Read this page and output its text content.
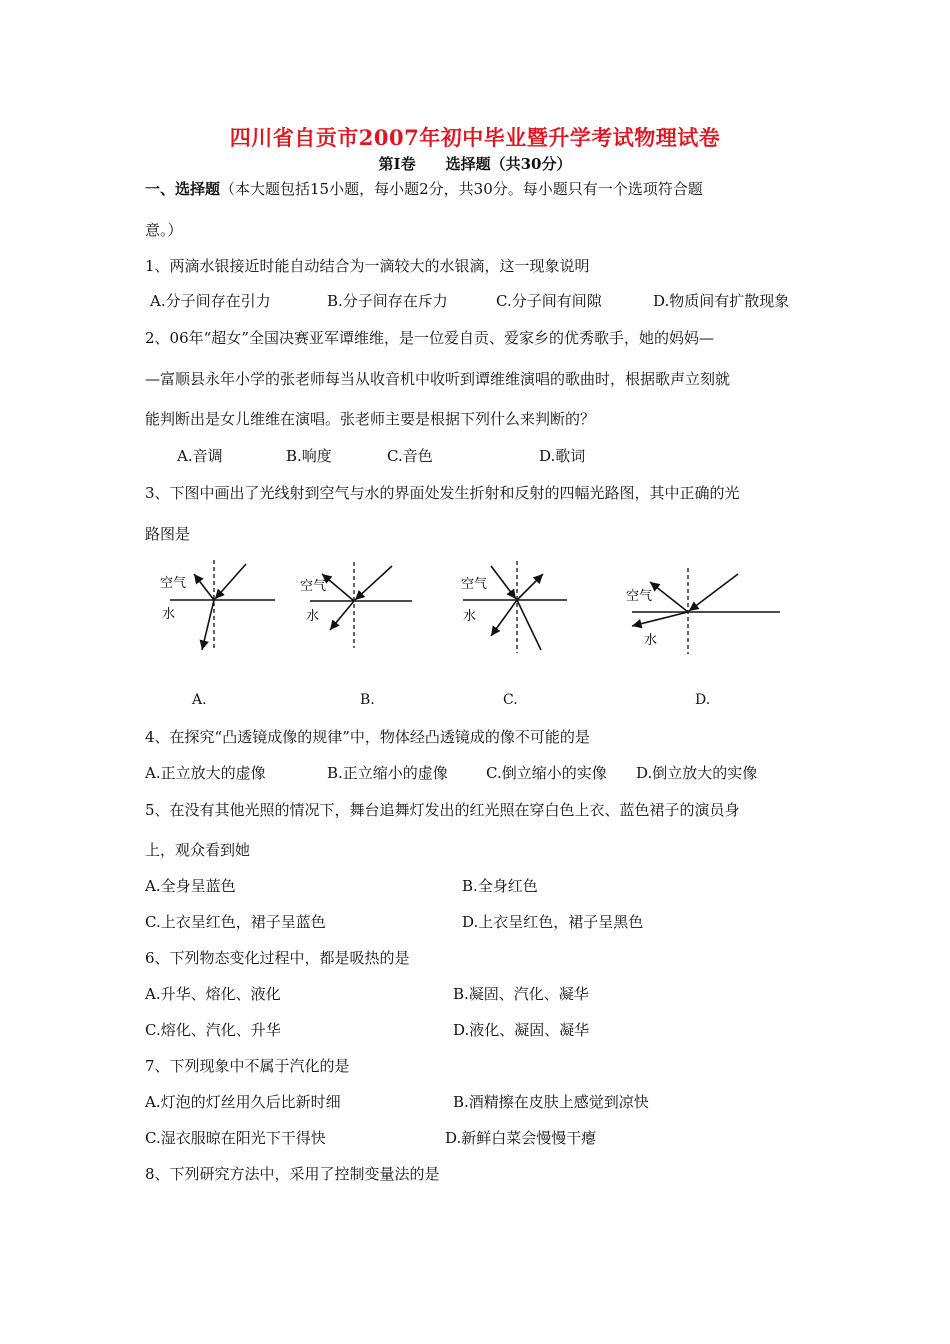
四川省自贡市2007年初中毕业暨升学考试物理试卷
第Ⅰ卷　　选择题（共30分）
一、选择题（本大题包括15小题，每小题2分，共30分。每小题只有一个选项符合题
意。）
1、两滴水银接近时能自动结合为一滴较大的水银滴，这一现象说明
A.分子间存在引力	B.分子间存在斥力	C.分子间有间隙	D.物质间有扩散现象
2、06年“超女”全国决赛亚军谭维维，是一位爱自贡、爱家乡的优秀歌手，她的妈妈—
—富顺县永年小学的张老师每当从收音机中收听到谭维维演唱的歌曲时，根据歌声立刻就
能判断出是女儿维维在演唱。张老师主要是根据下列什么来判断的？
A.音调	B.响度	C.音色	D.歌词
3、下图中画出了光线射到空气与水的界面处发生折射和反射的四幅光路图，其中正确的光
路图是
空气
水
空气
水
空气
水
空气
水
A.	B.	C.	D.
4、在探究“凸透镜成像的规律”中，物体经凸透镜成的像不可能的是
A.正立放大的虚像	B.正立缩小的虚像	C.倒立缩小的实像 D.倒立放大的实像
5、在没有其他光照的情况下，舞台追舞灯发出的红光照在穿白色上衣、蓝色裙子的演员身
上，观众看到她
A.全身呈蓝色	B.全身红色
C.上衣呈红色，裙子呈蓝色	D.上衣呈红色，裙子呈黑色
6、下列物态变化过程中，都是吸热的是
A.升华、熔化、液化	B.凝固、汽化、凝华
C.熔化、汽化、升华	D.液化、凝固、凝华
7、下列现象中不属于汽化的是
A.灯泡的灯丝用久后比新时细	B.酒精擦在皮肤上感觉到凉快
C.湿衣服晾在阳光下干得快	D.新鲜白菜会慢慢干瘪
8、下列研究方法中，采用了控制变量法的是
